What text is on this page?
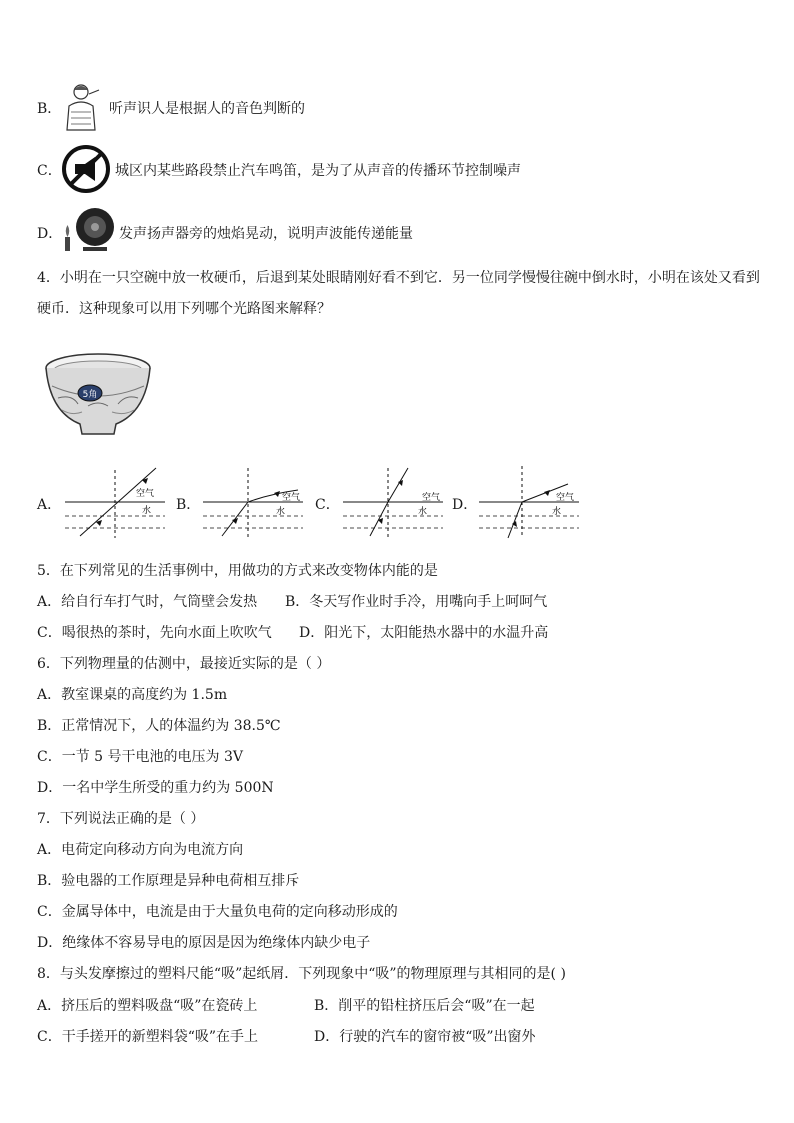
B．	听声识人是根据人的音色判断的
C．	城区内某些路段禁止汽车鸣笛，是为了从声音的传播环节控制噪声
D．	发声扬声器旁的烛焰晃动，说明声波能传递能量
4．小明在一只空碗中放一枚硬币，后退到某处眼睛刚好看不到它．另一位同学慢慢往碗中倒水时，小明在该处又看到
硬币．这种现象可以用下列哪个光路图来解释？
5角
A．
空气
水 B．	空气
水 C．	空气
水 D．	空气
水
5．在下列常见的生活事例中，用做功的方式来改变物体内能的是
A．给自行车打气时，气筒壁会发热 B．冬天写作业时手冷，用嘴向手上呵呵气
C．喝很热的茶时，先向水面上吹吹气 D．阳光下，太阳能热水器中的水温升高
6．下列物理量的估测中，最接近实际的是（ ）
A．教室课桌的高度约为 1.5m
B．正常情况下，人的体温约为 38.5℃
C．一节 5 号干电池的电压为 3V
D．一名中学生所受的重力约为 500N
7．下列说法正确的是（ ）
A．电荷定向移动方向为电流方向
B．验电器的工作原理是异种电荷相互排斥
C．金属导体中，电流是由于大量负电荷的定向移动形成的
D．绝缘体不容易导电的原因是因为绝缘体内缺少电子
8．与头发摩擦过的塑料尺能“吸”起纸屑．下列现象中“吸”的物理原理与其相同的是( )
A．挤压后的塑料吸盘“吸”在瓷砖上	B．削平的铅柱挤压后会“吸”在一起
C．干手搓开的新塑料袋“吸”在手上	D．行驶的汽车的窗帘被“吸”出窗外
